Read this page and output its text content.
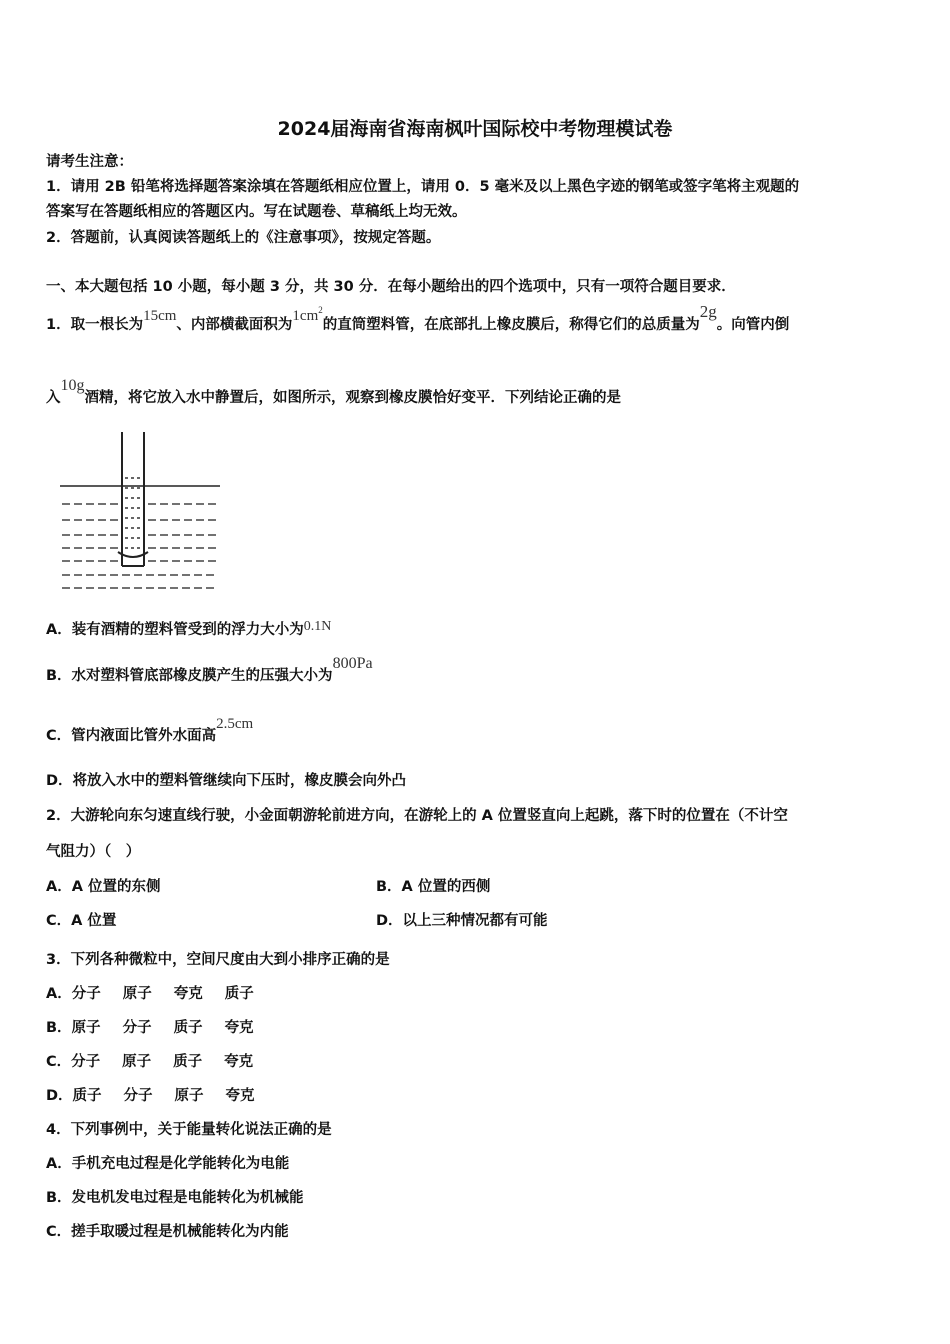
2024届海南省海南枫叶国际校中考物理模试卷
请考生注意：
1．请用 2B 铅笔将选择题答案涂填在答题纸相应位置上，请用 0．5 毫米及以上黑色字迹的钢笔或签字笔将主观题的
答案写在答题纸相应的答题区内。写在试题卷、草稿纸上均无效。
2．答题前，认真阅读答题纸上的《注意事项》，按规定答题。
一、本大题包括 10 小题，每小题 3 分，共 30 分．在每小题给出的四个选项中，只有一项符合题目要求．
1．取一根长为15cm、内部横截面积为$1cm^2$的直筒塑料管，在底部扎上橡皮膜后，称得它们的总质量为2g。向管内倒
入10g酒精，将它放入水中静置后，如图所示，观察到橡皮膜恰好变平．下列结论正确的是
A．装有酒精的塑料管受到的浮力大小为0.1N
B．水对塑料管底部橡皮膜产生的压强大小为800Pa
C．管内液面比管外水面高2.5cm
D．将放入水中的塑料管继续向下压时，橡皮膜会向外凸
2．大游轮向东匀速直线行驶，小金面朝游轮前进方向，在游轮上的 A 位置竖直向上起跳，落下时的位置在（不计空
气阻力）（　）
A．A 位置的东侧	B．A 位置的西侧
C．A 位置	D．以上三种情况都有可能
3．下列各种微粒中，空间尺度由大到小排序正确的是
A．分子 原子 夸克 质子
B．原子 分子 质子 夸克
C．分子 原子 质子 夸克
D．质子 分子 原子 夸克
4．下列事例中，关于能量转化说法正确的是
A．手机充电过程是化学能转化为电能
B．发电机发电过程是电能转化为机械能
C．搓手取暖过程是机械能转化为内能
